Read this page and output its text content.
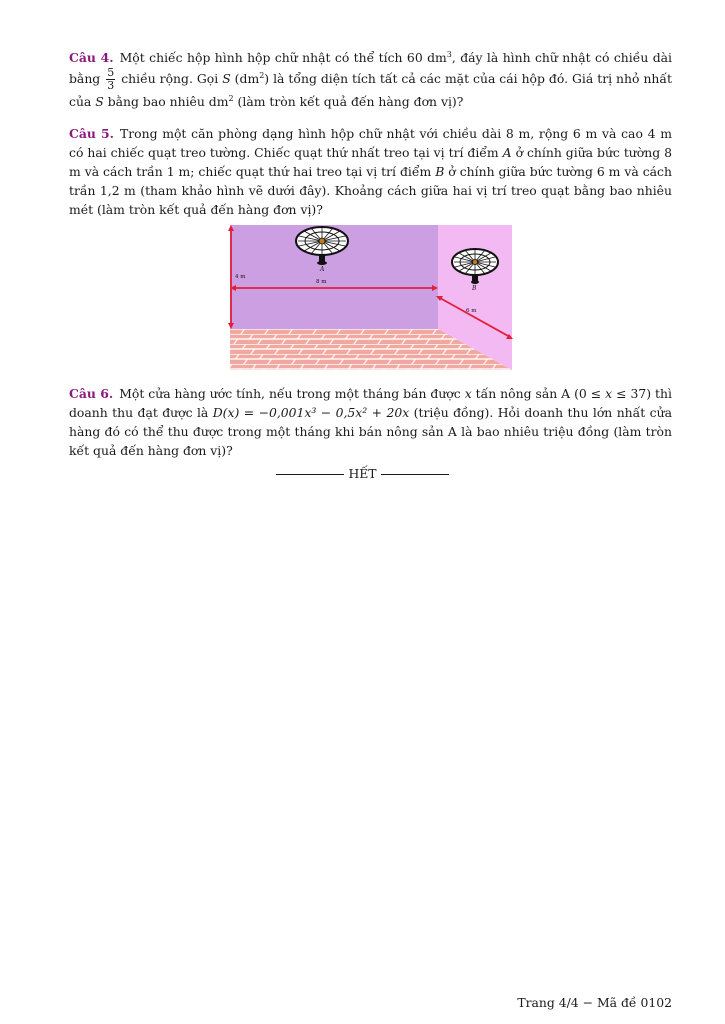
Câu 4. Một chiếc hộp hình hộp chữ nhật có thể tích 60 $dm^3$, đáy là hình chữ nhật có chiều dài bằng $\frac{5}{3}$ chiều rộng. Gọi S $(dm^2)$ là tổng diện tích tất cả các mặt của cái hộp đó. Giá trị nhỏ nhất của S bằng bao nhiêu $dm^2$ (làm tròn kết quả đến hàng đơn vị)?
Câu 5. Trong một căn phòng dạng hình hộp chữ nhật với chiều dài 8 m, rộng 6 m và cao 4 m có hai chiếc quạt treo tường. Chiếc quạt thứ nhất treo tại vị trí điểm A ở chính giữa bức tường 8 m và cách trần 1 m; chiếc quạt thứ hai treo tại vị trí điểm B ở chính giữa bức tường 6 m và cách trần 1,2 m (tham khảo hình vẽ dưới đây). Khoảng cách giữa hai vị trí treo quạt bằng bao nhiêu mét (làm tròn kết quả đến hàng đơn vị)?
A
B
4 m
8 m
6 m
Câu 6. Một cửa hàng ước tính, nếu trong một tháng bán được x tấn nông sản A (0 ≤ x ≤ 37) thì doanh thu đạt được là D(x) = −0,001x³ − 0,5x² + 20x (triệu đồng). Hỏi doanh thu lớn nhất cửa hàng đó có thể thu được trong một tháng khi bán nông sản A là bao nhiêu triệu đồng (làm tròn kết quả đến hàng đơn vị)?
HẾT
Trang 4/4 − Mã đề 0102
